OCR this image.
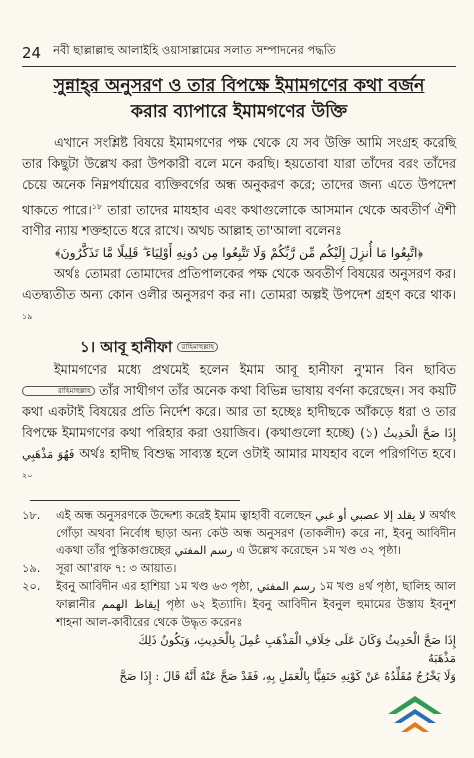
24 নবী ছাল্লাল্লাহু আলাইহি ওয়াসাল্লামের সলাত সম্পাদনের পদ্ধতি
সুন্নাহ্‌র অনুসরণ ও তার বিপক্ষে ইমামগণের কথা বর্জন
করার ব্যাপারে ইমামগণের উক্তি

এখানে সংশ্লিষ্ট বিষয়ে ইমামগণের পক্ষ থেকে যে সব উক্তি আমি সংগ্রহ করেছি তার কিছুটা উল্লেখ করা উপকারী বলে মনে করছি। হয়তোবা যারা তাঁদের বরং তাঁদের চেয়ে অনেক নিম্নপর্যায়ের ব্যক্তিবর্গের অন্ধ অনুকরণ করে; তাদের জন্য এতে উপদেশ থাকতে পারে।$^{১৮}$ তারা তাদের মাযহাব এবং কথাগুলোকে আসমান থেকে অবতীর্ণ ঐশী বাণীর ন্যায় শক্তহাতে ধরে রাখে। অথচ আল্লাহ তা'আলা বলেনঃ

﴿اتَّبِعُوا مَا أُنزِلَ إِلَيْكُم مِّن رَّبِّكُمْ وَلَا تَتَّبِعُوا مِن دُونِهِ أَوْلِيَاءَ ۗ قَلِيلًا مَّا تَذَكَّرُونَ﴾

অর্থঃ তোমরা তোমাদের প্রতিপালকের পক্ষ থেকে অবতীর্ণ বিষয়ের অনুসরণ কর। এতদ্ব্যতীত অন্য কোন ওলীর অনুসরণ কর না। তোমরা অল্পই উপদেশ গ্রহণ করে থাক।$^{১৯}$

১। আবূ হানীফা রাহিমাহুল্লাহ

ইমামগণের মধ্যে প্রথমেই হলেন ইমাম আবূ হানীফা নু'মান বিন ছাবিত রাহিমাহুল্লাহ তাঁর সাথীগণ তাঁর অনেক কথা বিভিন্ন ভাষায় বর্ণনা করেছেন। সব কয়টি কথা একটাই বিষয়ের প্রতি নির্দেশ করে। আর তা হচ্ছেঃ হাদীছকে আঁকড়ে ধরা ও তার বিপক্ষে ইমামগণের কথা পরিহার করা ওয়াজিব। (কথাগুলো হচ্ছে) (১) إِذَا صَحَّ الْحَدِيثُ فَهُوَ مَذْهَبِي অর্থঃ হাদীছ বিশুদ্ধ সাব্যস্ত হলে ওটাই আমার মাযহাব বলে পরিগণিত হবে।$^{২০}$

১৮.	এই অন্ধ অনুসরণকে উদ্দেশ্য করেই ইমাম ত্বাহাবী বলেছেন لا يقلد إلا عصبي أو غبي অর্থাৎ গোঁড়া অথবা নির্বোধ ছাড়া অন্য কেউ অন্ধ অনুসরণ (তাকলীদ) করে না, ইবনু আবিদীন একথা তাঁর পুস্তিকাগুচ্ছের رسم المفتي এ উল্লেখ করেছেন ১ম খণ্ড ৩২ পৃষ্ঠা।
১৯.	সূরা আ'রাফ ৭: ৩ আয়াত।
২০.	ইবনু আবিদীন এর হাশিয়া ১ম খণ্ড ৬৩ পৃষ্ঠা, رسم المفتي ১ম খণ্ড ৪র্থ পৃষ্ঠা, ছালিহ আল ফাল্লানীর إيقاظ الهمم পৃষ্ঠা ৬২ ইত্যাদি। ইবনু আবিদীন ইবনুল হুমামের উস্তায ইবনুশ শাহনা আল-কাবীরের থেকে উদ্ধৃত করেনঃ
إِذَا صَحَّ الْحَدِيثُ وَكَانَ عَلَى خِلَافِ الْمَذْهَبِ عُمِلَ بِالْحَدِيثِ، وَيَكُونُ ذَلِكَ مَذْهَبَهُ
وَلَا يَخْرُجُ مُقَلِّدُهُ عَنْ كَوْنِهِ حَنَفِيًّا بِالْعَمَلِ بِهِ، فَقَدْ صَحَّ عَنْهُ أَنَّهُ قَالَ : إِذَا صَحَّ
